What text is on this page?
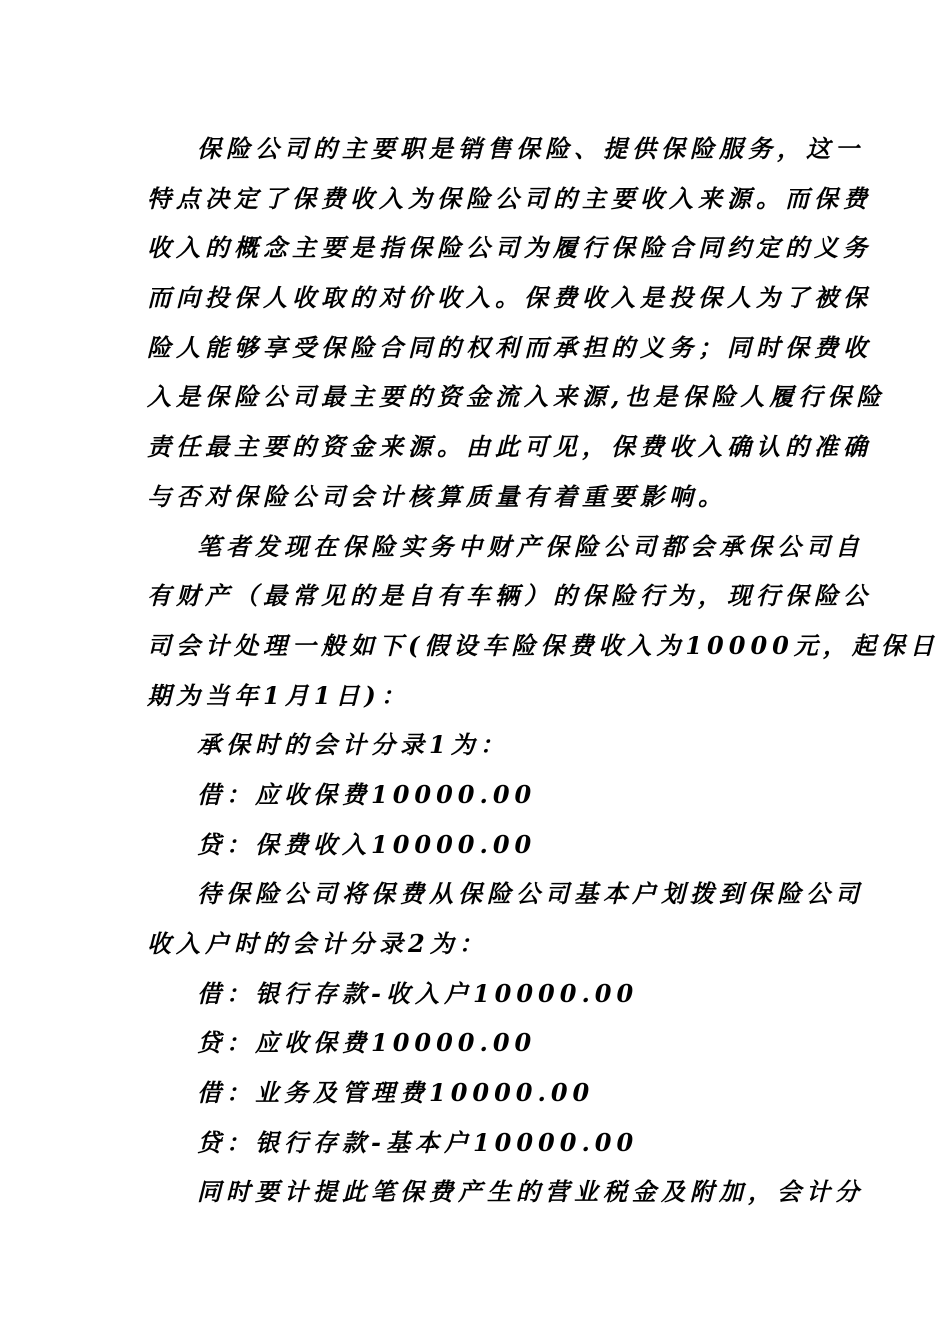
保险公司的主要职是销售保险、提供保险服务，这一
特点决定了保费收入为保险公司的主要收入来源。而保费
收入的概念主要是指保险公司为履行保险合同约定的义务
而向投保人收取的对价收入。保费收入是投保人为了被保
险人能够享受保险合同的权利而承担的义务；同时保费收
入是保险公司最主要的资金流入来源,也是保险人履行保险
责任最主要的资金来源。由此可见，保费收入确认的准确
与否对保险公司会计核算质量有着重要影响。
笔者发现在保险实务中财产保险公司都会承保公司自
有财产（最常见的是自有车辆）的保险行为，现行保险公
司会计处理一般如下(假设车险保费收入为10000元，起保日
期为当年1月1日)：
承保时的会计分录1为：
借：应收保费10000.00
贷：保费收入10000.00
待保险公司将保费从保险公司基本户划拨到保险公司
收入户时的会计分录2为：
借：银行存款-收入户10000.00
贷：应收保费10000.00
借：业务及管理费10000.00
贷：银行存款-基本户10000.00
同时要计提此笔保费产生的营业税金及附加，会计分
